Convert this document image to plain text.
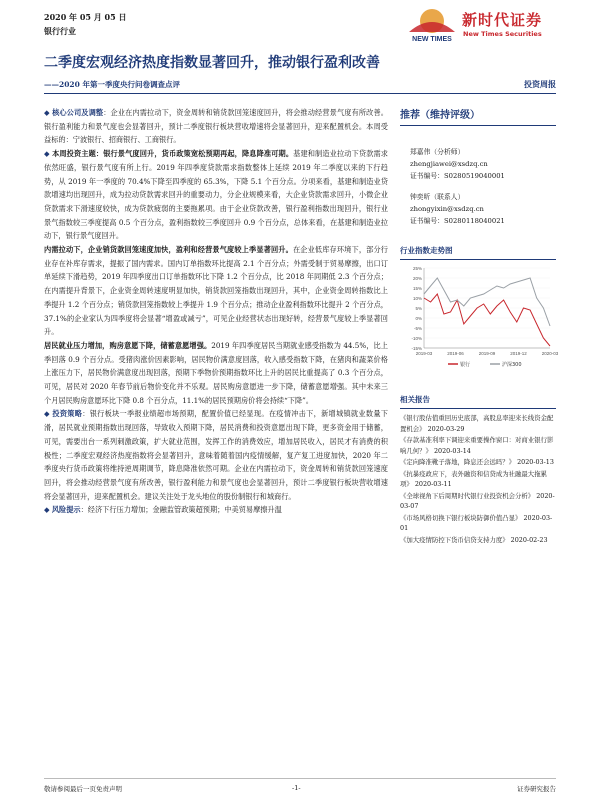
2020 年 05 月 05 日
银行行业
NEW TIMES
新时代证券
New Times Securities
二季度宏观经济热度指数显著回升，推动银行盈利改善
——2020 年第一季度央行问卷调查点评	投资周报

◆ 核心公司及调整：企业在内需拉动下，资金周转和销货款回笼速度回升，将会推动经营景气度有所改善。银行盈利能力和景气度也会显著回升，预计二季度银行板块营收增速将会显著回升，迎来配置机会。本周受益标的：宁波银行、招商银行、工商银行。

◆ 本周投资主题：银行景气度回升，货币政策宽松预期再起，降息降准可期。基建和制造业拉动下贷款需求依然旺盛，银行景气度有所上行。2019 年四季度贷款需求指数整体上延续 2019 年二季度以来的下行趋势，从 2019 年一季度的 70.4%下降至四季度的 65.3%，下降 5.1 个百分点。分项来看，基建和制造业贷款增速均出现回升，成为拉动贷款需求回升的重要动力，分企业规模来看，大企业贷款需求回升，小微企业贷款需求下滑速度较快，成为贷款疲弱的主要拖累项。由于企业贷款改善，银行盈利指数出现回升，银行业景气指数较三季度提高 0.5 个百分点，盈利指数较三季度回升 0.9 个百分点，总体来看，在基建和制造业拉动下，银行景气度回升。

内需拉动下，企业销货款回笼速度加快，盈利和经营景气度较上季显著回升。在企业低库存环境下，部分行业存在补库存需求，提振了国内需求。国内订单指数环比提高 2.1 个百分点；外需受制于贸易摩擦，出口订单延续下滑趋势，2019 年四季度出口订单指数环比下降 1.2 个百分点，比 2018 年同期低 2.3 个百分点；在内需提升背景下，企业资金周转速度明显加快，销货款回笼指数出现回升，其中，企业资金周转指数比上季提升 1.2 个百分点；销货款回笼指数较上季提升 1.9 个百分点；推动企业盈利指数环比提升 2 个百分点，37.1%的企业家认为四季度将会显著“增盈或减亏”，可见企业经营状态出现好转，经营景气度较上季显著回升。

居民就业压力增加，购房意愿下降，储蓄意愿增强。2019 年四季度居民当期就业感受指数为 44.5%，比上季回落 0.9 个百分点。受猪肉涨价因素影响，居民物价满意度回落，收入感受指数下降，在猪肉和蔬菜价格上涨压力下，居民物价满意度出现回落，预期下季物价预期指数环比上升的居民比重提高了 0.3 个百分点，可见，居民对 2020 年春节前后物价变化并不乐观。居民购房意愿进一步下降，储蓄意愿增强。其中未来三个月居民购房意愿环比下降 0.8 个百分点，11.1%的居民预期房价将会持续“下降”。

◆ 投资策略：银行板块一季报业绩超市场预期，配置价值已经显现。在疫情冲击下，新增城镇就业数量下滑，居民就业预期指数出现回落，导致收入预期下降，居民消费和投资意愿出现下降，更多资金用于储蓄，可见，需要出台一系列刺激政策，扩大就业范围，发挥工作的消费效应，增加居民收入，居民才有消费的积极性；二季度宏观经济热度指数将会显著回升，意味着随着国内疫情缓解，复产复工进度加快，2020 年二季度央行货币政策将维持逆周期调节，降息降准依然可期。企业在内需拉动下，资金周转和销货款回笼速度回升，将会推动经营景气度有所改善，银行盈利能力和景气度也会显著回升，预计二季度银行板块营收增速将会显著回升，迎来配置机会。建议关注处于龙头地位的股份制银行和城商行。

◆ 风险提示：经济下行压力增加；金融监管政策超预期；中美贸易摩擦升温

推荐（维持评级）
郑嘉伟（分析师）
zhengjiawei@xsdzq.cn
证书编号：S0280519040001
钟奕昕（联系人）
zhongyixin@xsdzq.cn
证书编号：S0280118040021
行业指数走势图
25%
20%
15%
10%
5%
0%
-5%
-10%
-15%
2019-03	2019-06	2019-09	2019-12	2020-03
银行	沪深300
相关报告
《银行股估值重回历史底部，高股息率迎来长线资金配置机会》 2020-03-29
《存款基准利率下调迎来重要操作窗口：对商业银行影响几何？》 2020-03-14
《定向降准靴子落地，降息还会远吗？》 2020-03-13
《抗暴疫政应下，表外融资和信贷成为社融最大拖累项》 2020-03-11
《全球视角下后周期时代银行业投资机会分析》 2020-03-07
《市场风格切换下银行板块防御价值凸显》 2020-03-01
《加大疫情防控下货币信贷支持力度》 2020-02-23
敬请参阅最后一页免责声明	-1-	证券研究报告
